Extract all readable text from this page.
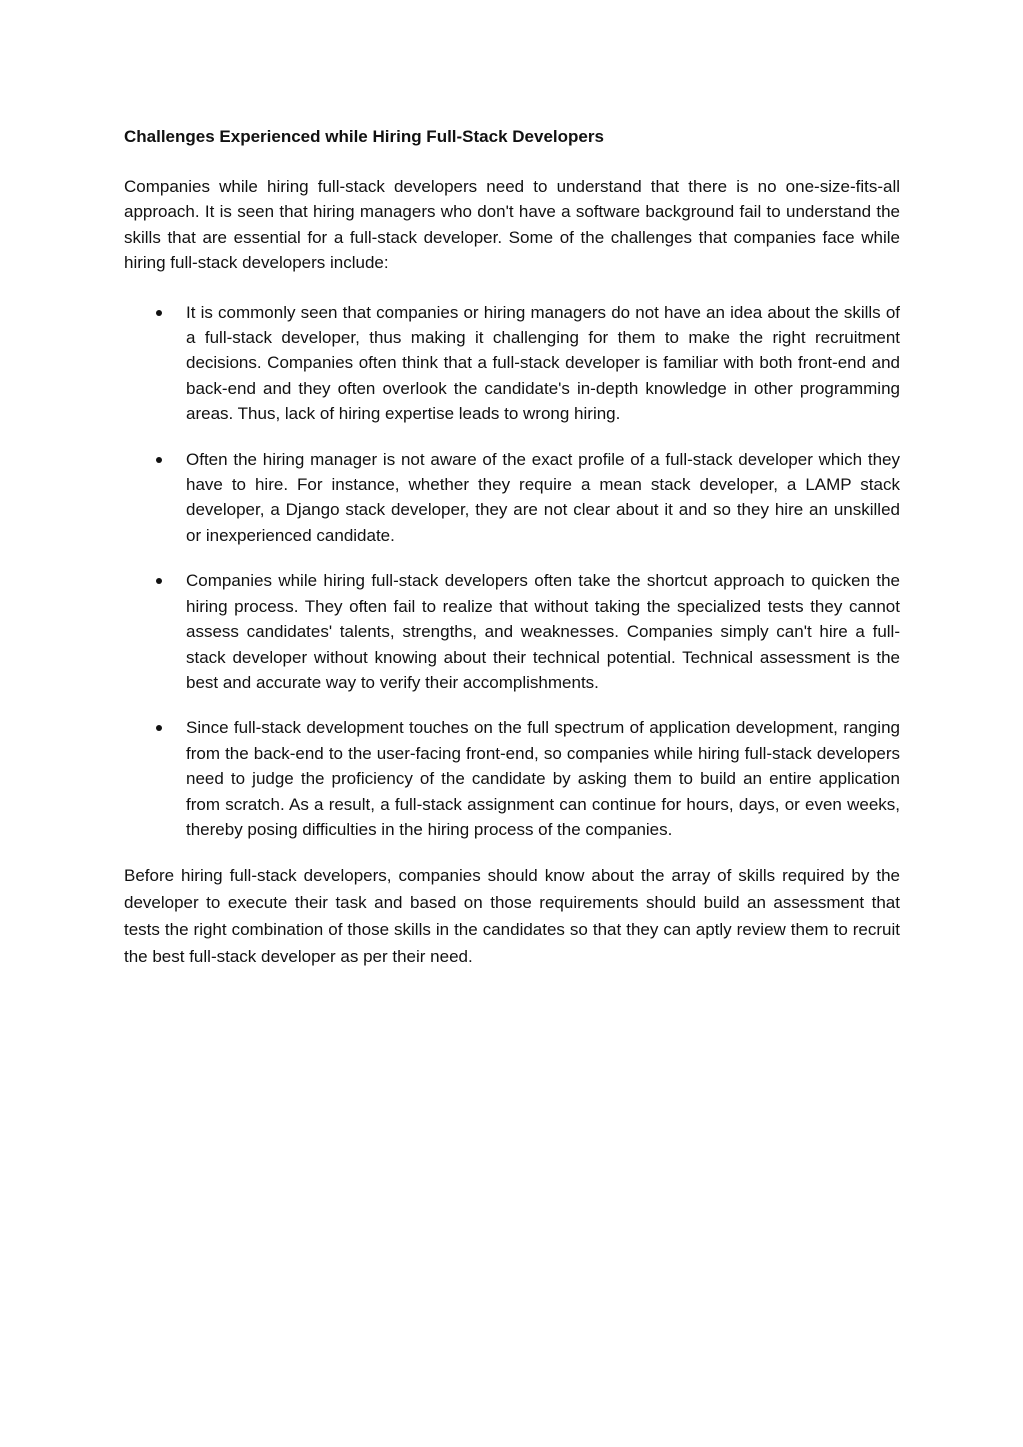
Challenges Experienced while Hiring Full-Stack Developers

Companies while hiring full-stack developers need to understand that there is no one-size-fits-all approach. It is seen that hiring managers who don't have a software background fail to understand the skills that are essential for a full-stack developer. Some of the challenges that companies face while hiring full-stack developers include:

It is commonly seen that companies or hiring managers do not have an idea about the skills of a full-stack developer, thus making it challenging for them to make the right recruitment decisions. Companies often think that a full-stack developer is familiar with both front-end and back-end and they often overlook the candidate's in-depth knowledge in other programming areas. Thus, lack of hiring expertise leads to wrong hiring.
Often the hiring manager is not aware of the exact profile of a full-stack developer which they have to hire. For instance, whether they require a mean stack developer, a LAMP stack developer, a Django stack developer, they are not clear about it and so they hire an unskilled or inexperienced candidate.
Companies while hiring full-stack developers often take the shortcut approach to quicken the hiring process. They often fail to realize that without taking the specialized tests they cannot assess candidates' talents, strengths, and weaknesses. Companies simply can't hire a full-stack developer without knowing about their technical potential. Technical assessment is the best and accurate way to verify their accomplishments.
Since full-stack development touches on the full spectrum of application development, ranging from the back-end to the user-facing front-end, so companies while hiring full-stack developers need to judge the proficiency of the candidate by asking them to build an entire application from scratch. As a result, a full-stack assignment can continue for hours, days, or even weeks, thereby posing difficulties in the hiring process of the companies.

Before hiring full-stack developers, companies should know about the array of skills required by the developer to execute their task and based on those requirements should build an assessment that tests the right combination of those skills in the candidates so that they can aptly review them to recruit the best full-stack developer as per their need.
